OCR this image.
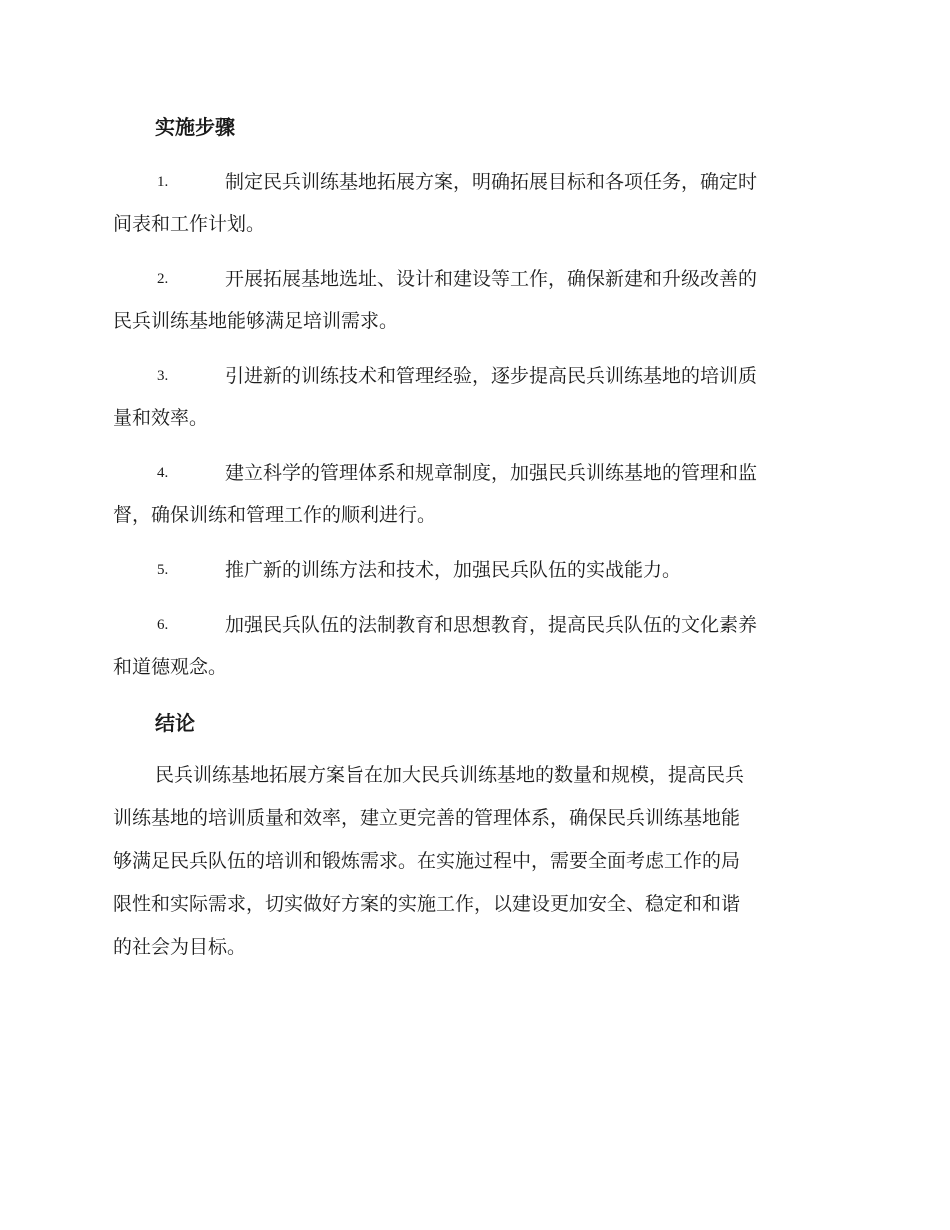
实施步骤
1.	制定民兵训练基地拓展方案，明确拓展目标和各项任务，确定时
间表和工作计划。
2.	开展拓展基地选址、设计和建设等工作，确保新建和升级改善的
民兵训练基地能够满足培训需求。
3.	引进新的训练技术和管理经验，逐步提高民兵训练基地的培训质
量和效率。
4.	建立科学的管理体系和规章制度，加强民兵训练基地的管理和监
督，确保训练和管理工作的顺利进行。
5.	推广新的训练方法和技术，加强民兵队伍的实战能力。
6.	加强民兵队伍的法制教育和思想教育，提高民兵队伍的文化素养
和道德观念。
结论
民兵训练基地拓展方案旨在加大民兵训练基地的数量和规模，提高民兵
训练基地的培训质量和效率，建立更完善的管理体系，确保民兵训练基地能
够满足民兵队伍的培训和锻炼需求。在实施过程中，需要全面考虑工作的局
限性和实际需求，切实做好方案的实施工作，以建设更加安全、稳定和和谐
的社会为目标。
